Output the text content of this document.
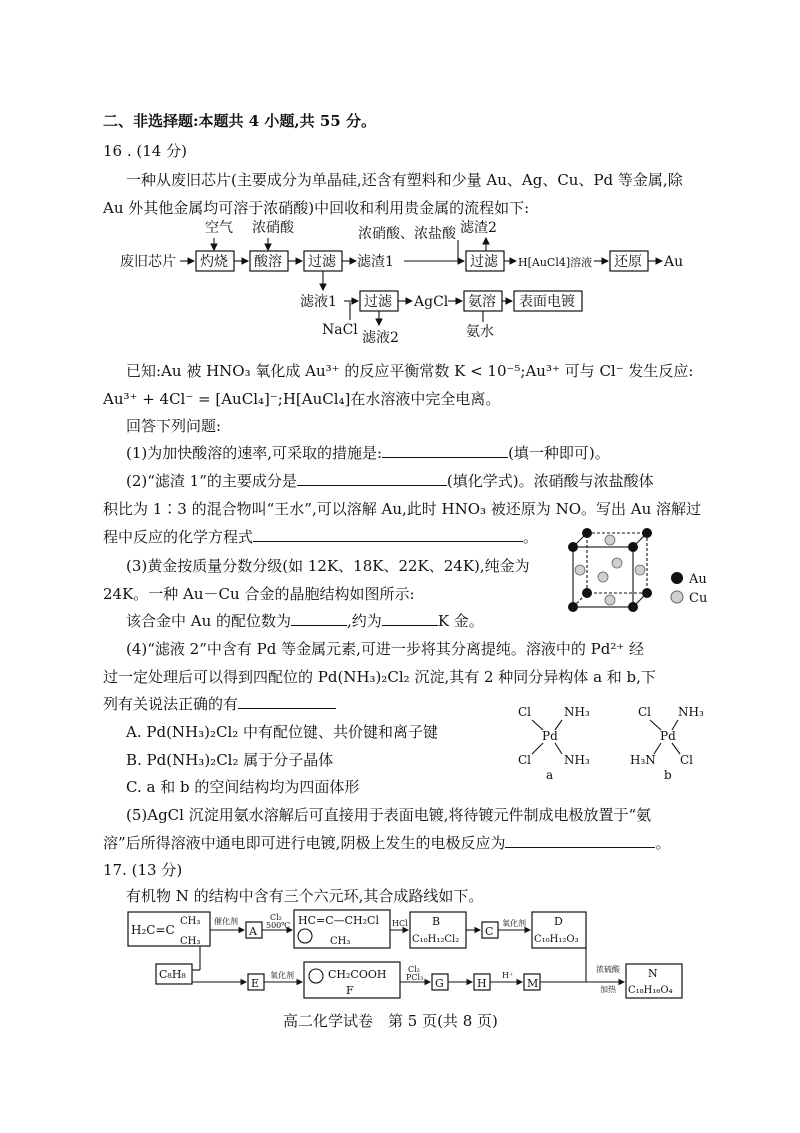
二、非选择题:本题共 4 小题,共 55 分。
16 . (14 分)
一种从废旧芯片(主要成分为单晶硅,还含有塑料和少量 Au、Ag、Cu、Pd 等金属,除
Au 外其他金属均可溶于浓硝酸)中回收和利用贵金属的流程如下:
废旧芯片
空气
灼烧
浓硝酸
酸溶 过滤 滤渣1
浓硝酸、浓盐酸 滤渣2
过滤 H[AuCl4]溶液 还原 Au
滤液1
NaCl
过滤
滤液2
AgCl 氨溶
氨水
表面电镀
已知:Au 被 HNO₃ 氧化成 Au³⁺ 的反应平衡常数 K < 10⁻⁵;Au³⁺ 可与 Cl⁻ 发生反应:
Au³⁺ + 4Cl⁻ = [AuCl₄]⁻;H[AuCl₄]在水溶液中完全电离。
回答下列问题:
(1)为加快酸溶的速率,可采取的措施是:	(填一种即可)。
(2)“滤渣 1”的主要成分是	(填化学式)。浓硝酸与浓盐酸体
积比为 1∶3 的混合物叫“王水”,可以溶解 Au,此时 HNO₃ 被还原为 NO。写出 Au 溶解过
程中反应的化学方程式	。
(3)黄金按质量分数分级(如 12K、18K、22K、24K),纯金为
24K。一种 Au－Cu 合金的晶胞结构如图所示:
该合金中 Au 的配位数为	,约为	K 金。
Au
Cu
(4)“滤液 2”中含有 Pd 等金属元素,可进一步将其分离提纯。溶液中的 Pd²⁺ 经
过一定处理后可以得到四配位的 Pd(NH₃)₂Cl₂ 沉淀,其有 2 种同分异构体 a 和 b,下
列有关说法正确的有
A. Pd(NH₃)₂Cl₂ 中有配位键、共价键和离子键
B. Pd(NH₃)₂Cl₂ 属于分子晶体
C. a 和 b 的空间结构均为四面体形
Cl	NH₃
Pd
Cl	NH₃
a
Cl NH₃
Pd
H₃N Cl
b
(5)AgCl 沉淀用氨水溶解后可直接用于表面电镀,将待镀元件制成电极放置于“氨
溶”后所得溶液中通电即可进行电镀,阴极上发生的电极反应为	。
17. (13 分)
有机物 N 的结构中含有三个六元环,其合成路线如下。
H₂C=C
CH₃
CH₃
催化剂
A
Cl₂
500℃ HC=C—CH₂Cl
CH₃
HCl B
C₁₀H₁₂Cl₂
C
氧化剂	D
C₁₀H₁₂O₃
C₈H₈
E
氧化剂	CH₂COOH
F
Cl₂
PCl₃ G	H
H⁺
M
浓硫酸
加热
N
C₁₈H₁₆O₄
高二化学试卷　第 5 页(共 8 页)
